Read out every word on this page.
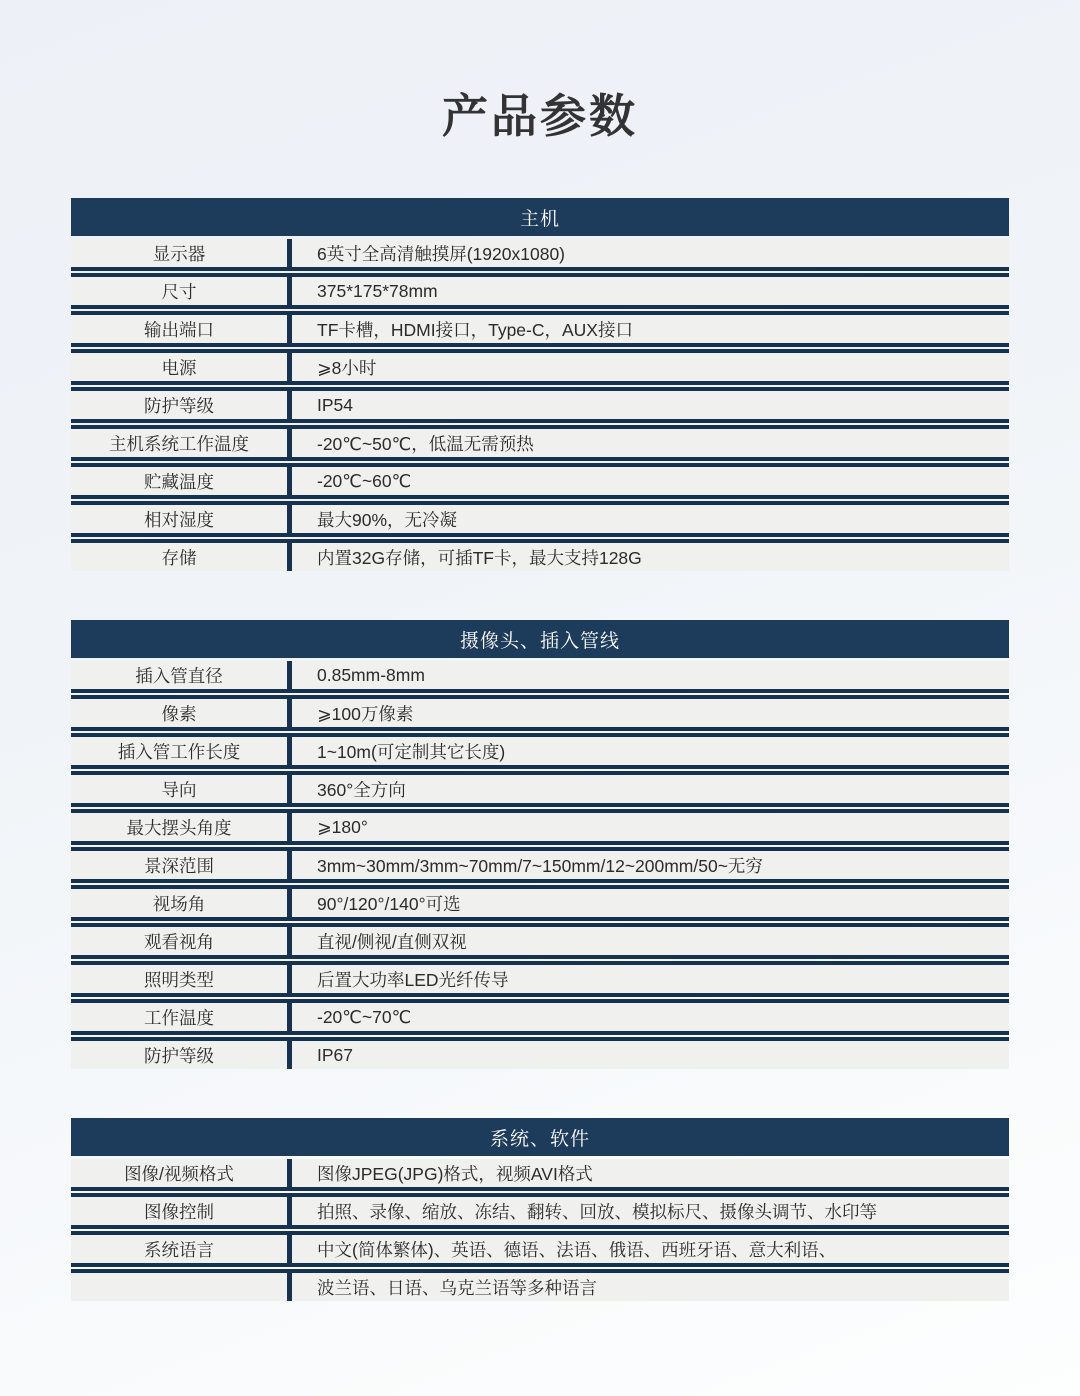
产品参数
主机
显示器	6英寸全高清触摸屏(1920x1080)
尺寸	375*175*78mm
输出端口	TF卡槽，HDMI接口，Type-C，AUX接口
电源	⩾8小时
防护等级	IP54
主机系统工作温度	-20℃~50℃，低温无需预热
贮藏温度	-20℃~60℃
相对湿度	最大90%，无冷凝
存储	内置32G存储，可插TF卡，最大支持128G
摄像头、插入管线
插入管直径	0.85mm-8mm
像素	⩾100万像素
插入管工作长度	1~10m(可定制其它长度)
导向	360°全方向
最大摆头角度	⩾180°
景深范围	3mm~30mm/3mm~70mm/7~150mm/12~200mm/50~无穷
视场角	90°/120°/140°可选
观看视角	直视/侧视/直侧双视
照明类型	后置大功率LED光纤传导
工作温度	-20℃~70℃
防护等级	IP67
系统、软件
图像/视频格式	图像JPEG(JPG)格式，视频AVI格式
图像控制	拍照、录像、缩放、冻结、翻转、回放、模拟标尺、摄像头调节、水印等
系统语言	中文(简体繁体)、英语、德语、法语、俄语、西班牙语、意大利语、
波兰语、日语、乌克兰语等多种语言
